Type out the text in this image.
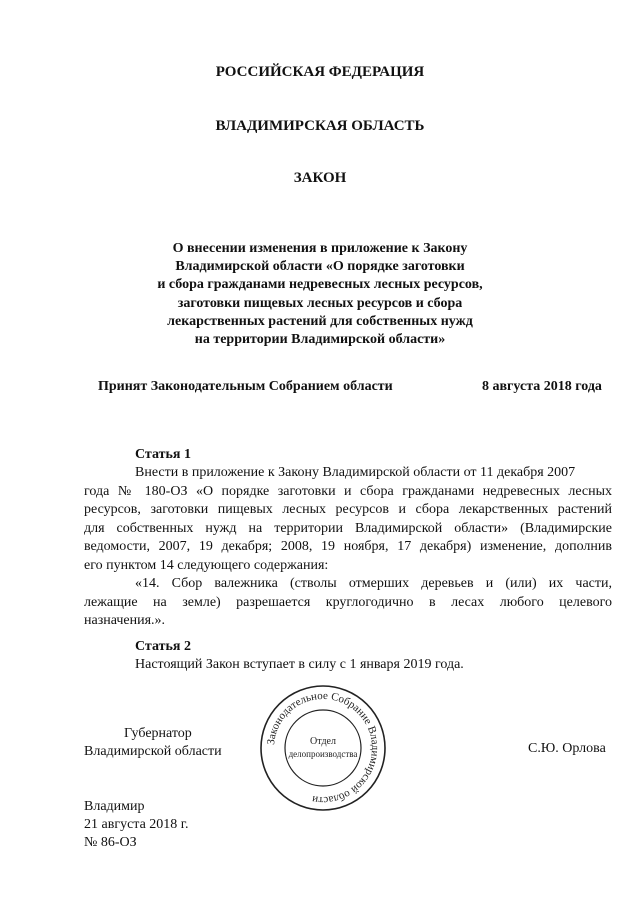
РОССИЙСКАЯ ФЕДЕРАЦИЯ
ВЛАДИМИРСКАЯ ОБЛАСТЬ
ЗАКОН
О внесении изменения в приложение к Закону
Владимирской области «О порядке заготовки
и сбора гражданами недревесных лесных ресурсов,
заготовки пищевых лесных ресурсов и сбора
лекарственных растений для собственных нужд
на территории Владимирской области»
Принят Законодательным Собранием области	8 августа 2018 года
Статья 1
Внести в приложение к Закону Владимирской области от 11 декабря 2007
года № 180-ОЗ «О порядке заготовки и сбора гражданами недревесных лесных
ресурсов, заготовки пищевых лесных ресурсов и сбора лекарственных растений
для собственных нужд на территории Владимирской области» (Владимирские
ведомости, 2007, 19 декабря; 2008, 19 ноября, 17 декабря) изменение, дополнив
его пунктом 14 следующего содержания:
«14. Сбор валежника (стволы отмерших деревьев и (или) их части,
лежащие на земле) разрешается круглогодично в лесах любого целевого
назначения.».
Статья 2
Настоящий Закон вступает в силу с 1 января 2019 года.
Губернатор
Владимирской области	С.Ю. Орлова
Законодательное Собрание Владимирской области
Отдел
делопроизводства
Владимир
21 августа 2018 г.
№ 86-ОЗ
